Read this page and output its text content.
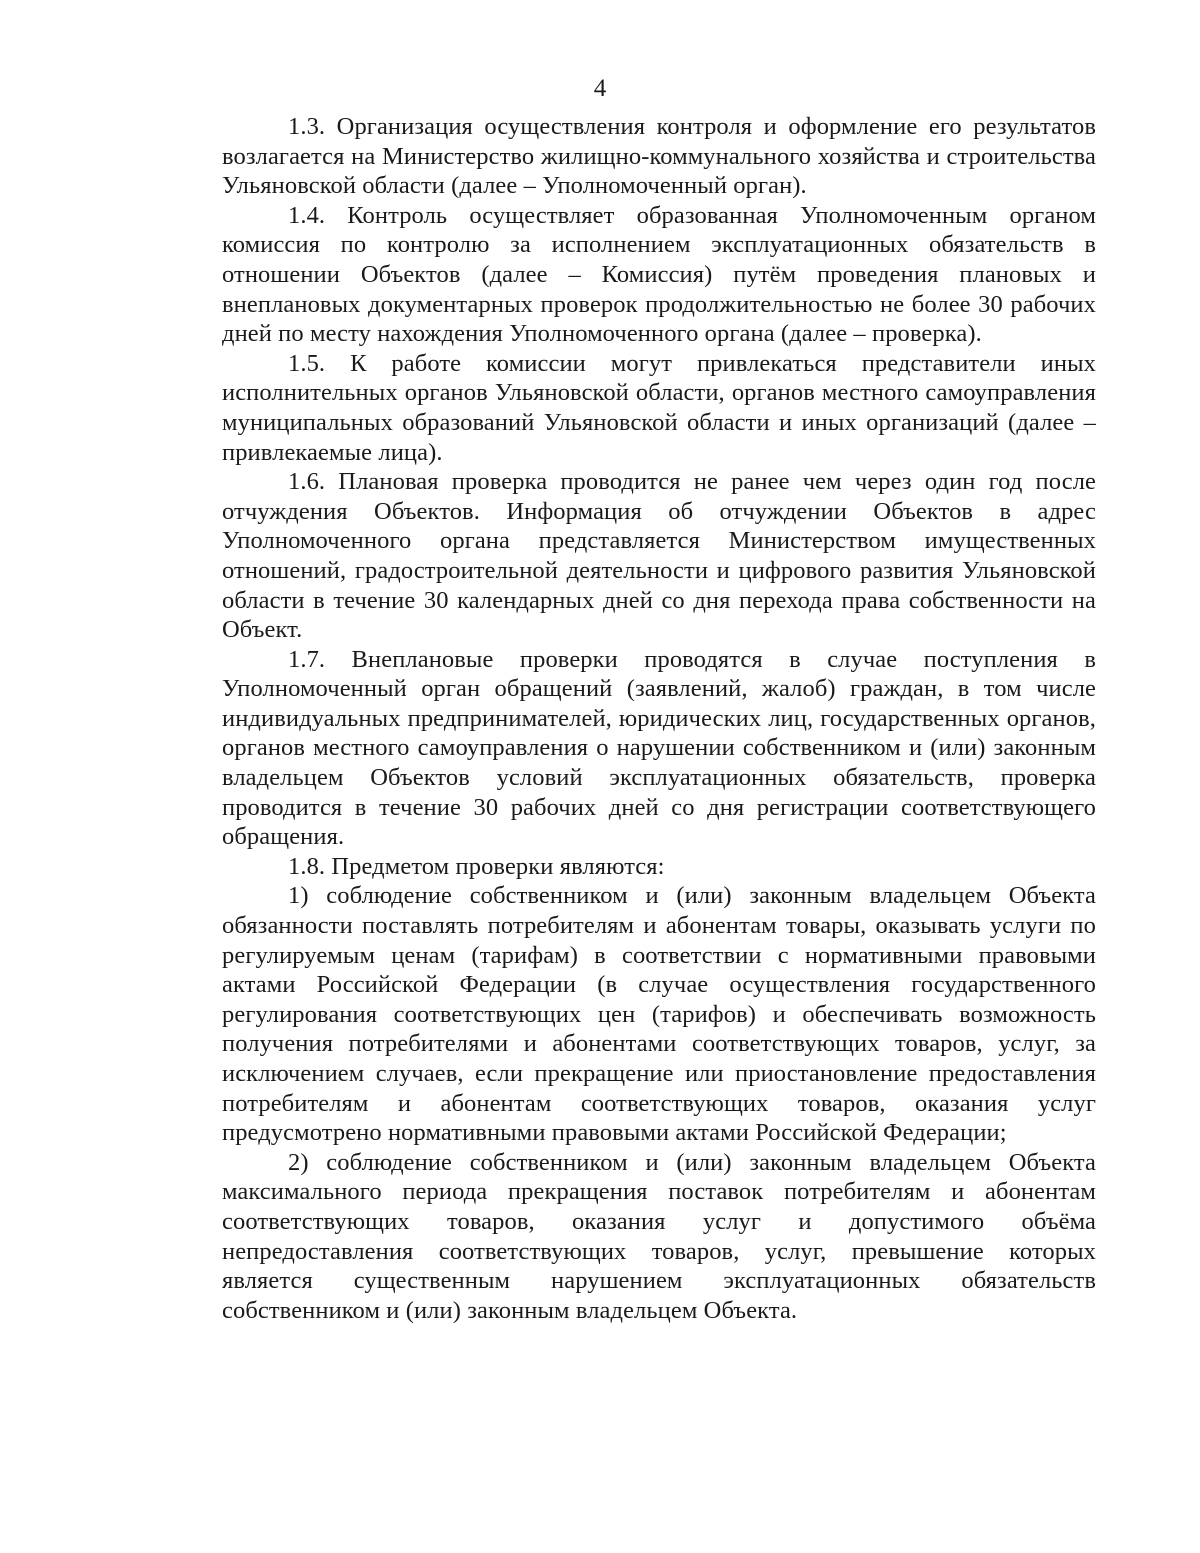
4

1.3. Организация осуществления контроля и оформление его результатов возлагается на Министерство жилищно-коммунального хозяйства и строительства Ульяновской области (далее – Уполномоченный орган).

1.4. Контроль осуществляет образованная Уполномоченным органом комиссия по контролю за исполнением эксплуатационных обязательств в отношении Объектов (далее – Комиссия) путём проведения плановых и внеплановых документарных проверок продолжительностью не более 30 рабочих дней по месту нахождения Уполномоченного органа (далее – проверка).

1.5. К работе комиссии могут привлекаться представители иных исполнительных органов Ульяновской области, органов местного самоуправления муниципальных образований Ульяновской области и иных организаций (далее – привлекаемые лица).

1.6. Плановая проверка проводится не ранее чем через один год после отчуждения Объектов. Информация об отчуждении Объектов в адрес Уполномоченного органа представляется Министерством имущественных отношений, градостроительной деятельности и цифрового развития Ульяновской области в течение 30 календарных дней со дня перехода права собственности на Объект.

1.7. Внеплановые проверки проводятся в случае поступления в Уполномоченный орган обращений (заявлений, жалоб) граждан, в том числе индивидуальных предпринимателей, юридических лиц, государственных органов, органов местного самоуправления о нарушении собственником и (или) законным владельцем Объектов условий эксплуатационных обязательств, проверка проводится в течение 30 рабочих дней со дня регистрации соответствующего обращения.

1.8. Предметом проверки являются:

1) соблюдение собственником и (или) законным владельцем Объекта обязанности поставлять потребителям и абонентам товары, оказывать услуги по регулируемым ценам (тарифам) в соответствии с нормативными правовыми актами Российской Федерации (в случае осуществления государственного регулирования соответствующих цен (тарифов) и обеспечивать возможность получения потребителями и абонентами соответствующих товаров, услуг, за исключением случаев, если прекращение или приостановление предоставления потребителям и абонентам соответствующих товаров, оказания услуг предусмотрено нормативными правовыми актами Российской Федерации;

2) соблюдение собственником и (или) законным владельцем Объекта максимального периода прекращения поставок потребителям и абонентам соответствующих товаров, оказания услуг и допустимого объёма непредоставления соответствующих товаров, услуг, превышение которых является существенным нарушением эксплуатационных обязательств собственником и (или) законным владельцем Объекта.
